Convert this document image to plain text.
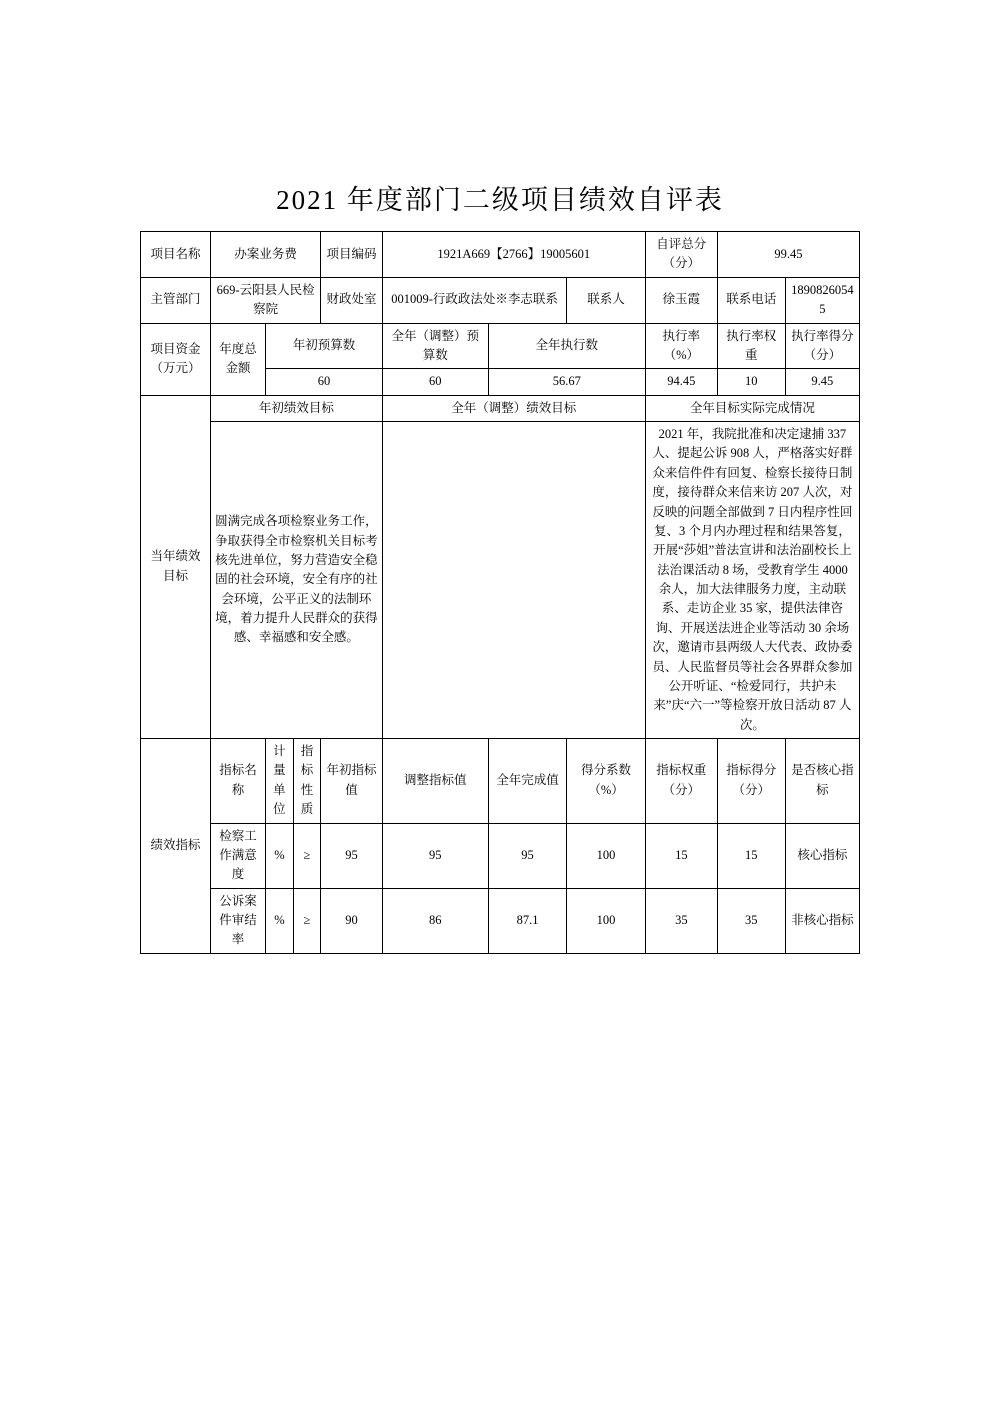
2021 年度部门二级项目绩效自评表
项目名称	办案业务费			项目编码	1921A669【2766】19005601			自评总分（分）	99.45	
主管部门	669-云阳县人民检察院			财政处室	001009-行政政法处※李志联系		联系人	徐玉霞	联系电话	18908260545
项目资金（万元）	年度总金额	年初预算数			全年（调整）预算数	全年执行数		执行率（%）	执行率权重	执行率得分（分）
		60			60	56.67		94.45	10	9.45
当年绩效目标	年初绩效目标				全年（调整）绩效目标			全年目标实际完成情况		
	圆满完成各项检察业务工作，争取获得全市检察机关目标考核先进单位，努力营造安全稳固的社会环境，安全有序的社会环境，公平正义的法制环境，着力提升人民群众的获得感、幸福感和安全感。							2021 年，我院批准和决定逮捕 337 人、提起公诉 908 人，严格落实好群众来信件件有回复、检察长接待日制度，接待群众来信来访 207 人次，对反映的问题全部做到 7 日内程序性回复、3 个月内办理过程和结果答复，开展“莎姐”普法宣讲和法治副校长上法治课活动 8 场，受教育学生 4000 余人，加大法律服务力度，主动联系、走访企业 35 家，提供法律咨询、开展送法进企业等活动 30 余场次，邀请市县两级人大代表、政协委员、人民监督员等社会各界群众参加公开听证、“检爱同行，共护未来”庆“六一”等检察开放日活动 87 人次。		
绩效指标	指标名称	计量单位	指标性质	年初指标值	调整指标值	全年完成值	得分系数（%）	指标权重（分）	指标得分（分）	是否核心指标
	检察工作满意度	%	≥	95	95	95	100	15	15	核心指标
	公诉案件审结率	%	≥	90	86	87.1	100	35	35	非核心指标
